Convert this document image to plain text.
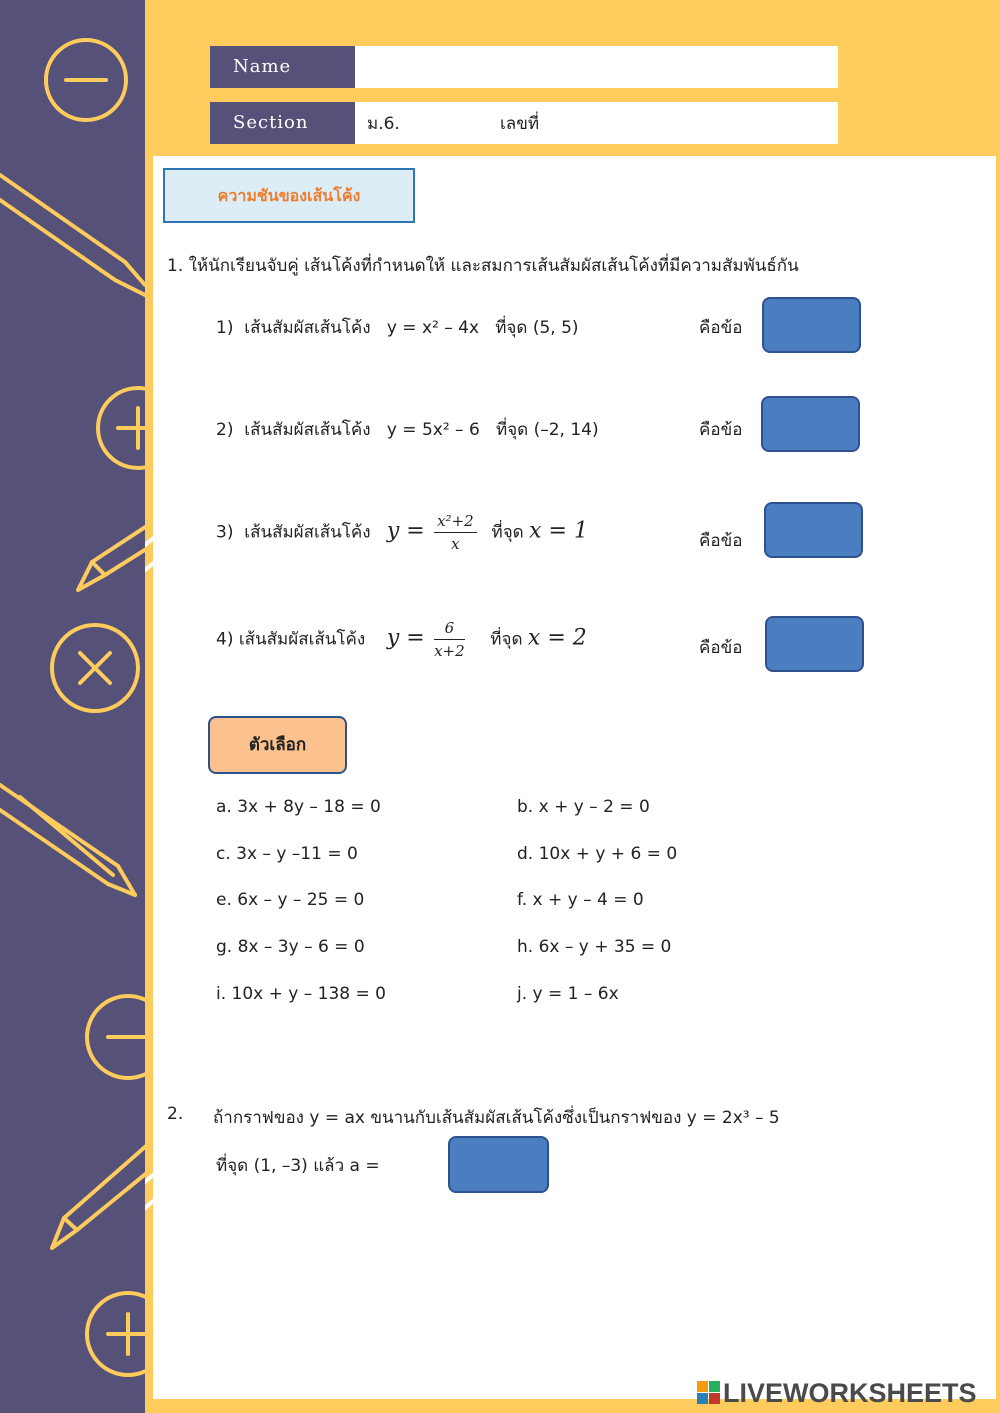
Name
Section	ม.6.	เลขที่
ความชันของเส้นโค้ง
1. ให้นักเรียนจับคู่ เส้นโค้งที่กำหนดให้ และสมการเส้นสัมผัสเส้นโค้งที่มีความสัมพันธ์กัน
1) เส้นสัมผัสเส้นโค้ง y = x² – 4x ที่จุด (5, 5)	คือข้อ
2) เส้นสัมผัสเส้นโค้ง y = 5x² – 6 ที่จุด (–2, 14)	คือข้อ
3) เส้นสัมผัสเส้นโค้ง $y = \frac{\text{x²+2}}{x}$ ที่จุด x = 1	คือข้อ
4) เส้นสัมผัสเส้นโค้ง $y = \frac{6}{x+2}$ ที่จุด x = 2	คือข้อ
ตัวเลือก
a. 3x + 8y – 18 = 0	b. x + y – 2 = 0
c. 3x – y –11 = 0	d. 10x + y + 6 = 0
e. 6x – y – 25 = 0	f. x + y – 4 = 0
g. 8x – 3y – 6 = 0	h. 6x – y + 35 = 0
i. 10x + y – 138 = 0	j. y = 1 – 6x
2. ถ้ากราฟของ y = ax ขนานกับเส้นสัมผัสเส้นโค้งซึ่งเป็นกราฟของ y = 2x³ – 5
ที่จุด (1, –3) แล้ว a =
LIVEWORKSHEETS
